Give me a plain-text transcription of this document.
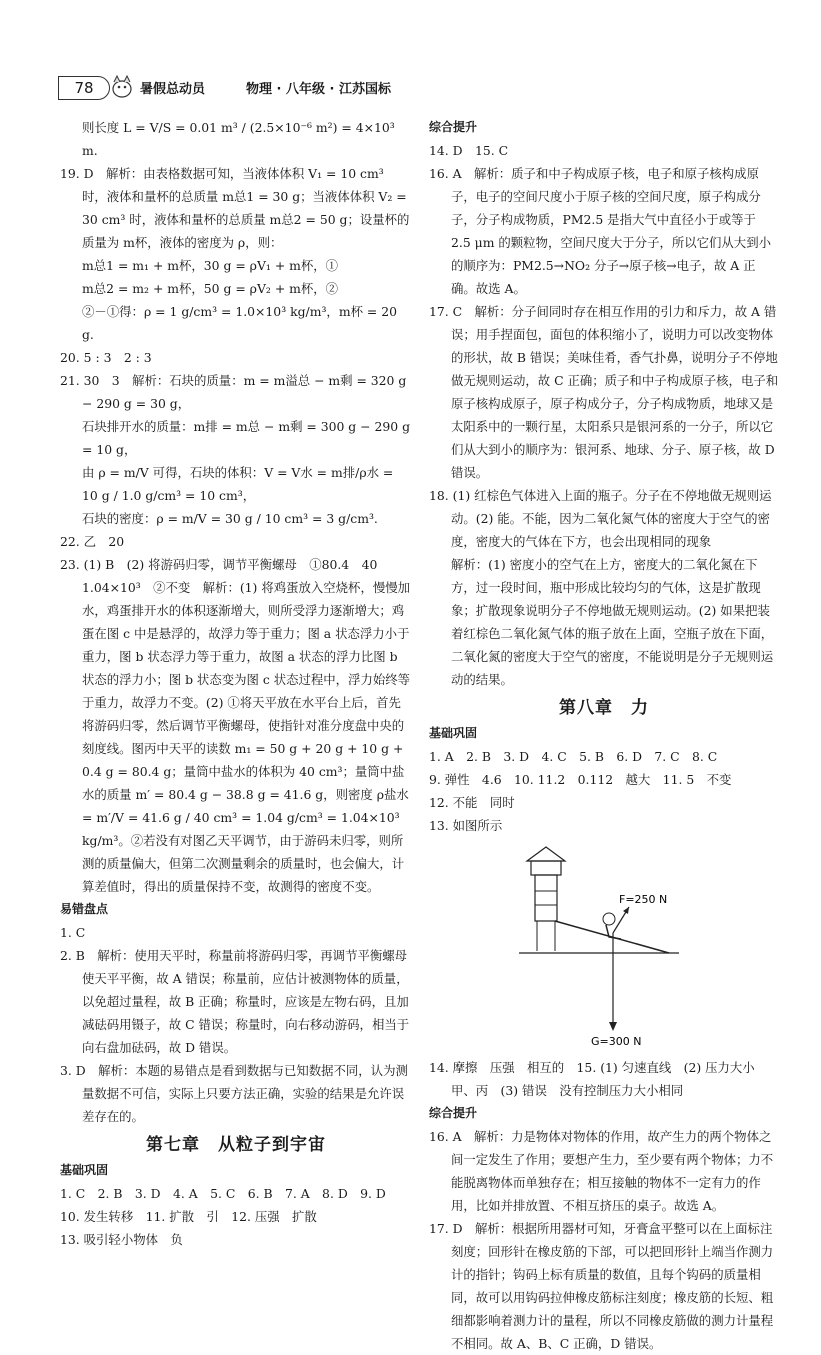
78	暑假总动员	物理 · 八年级 · 江苏国标

则长度 L = V/S = 0.01 m³ / (2.5×10⁻⁶ m²) = 4×10³ m.

19. D　解析：由表格数据可知，当液体体积 V₁ = 10 cm³ 时，液体和量杯的总质量 m总1 = 30 g；当液体体积 V₂ = 30 cm³ 时，液体和量杯的总质量 m总2 = 50 g；设量杯的质量为 m杯，液体的密度为 ρ，则：

m总1 = m₁ + m杯，30 g = ρV₁ + m杯，①

m总2 = m₂ + m杯，50 g = ρV₂ + m杯，②

②－①得：ρ = 1 g/cm³ = 1.0×10³ kg/m³，m杯 = 20 g.

20. 5 : 3　2 : 3

21. 30　3　解析：石块的质量：m = m溢总 − m剩 = 320 g − 290 g = 30 g，

石块排开水的质量：m排 = m总 − m剩 = 300 g − 290 g = 10 g，

由 ρ = m/V 可得，石块的体积：V = V水 = m排/ρ水 = 10 g / 1.0 g/cm³ = 10 cm³，

石块的密度：ρ = m/V = 30 g / 10 cm³ = 3 g/cm³.

22. 乙　20

23. (1) B　(2) 将游码归零，调节平衡螺母　①80.4　40　1.04×10³　②不变　解析：(1) 将鸡蛋放入空烧杯，慢慢加水，鸡蛋排开水的体积逐渐增大，则所受浮力逐渐增大；鸡蛋在图 c 中是悬浮的，故浮力等于重力；图 a 状态浮力小于重力，图 b 状态浮力等于重力，故图 a 状态的浮力比图 b 状态的浮力小；图 b 状态变为图 c 状态过程中，浮力始终等于重力，故浮力不变。(2) ①将天平放在水平台上后，首先将游码归零，然后调节平衡螺母，使指针对准分度盘中央的刻度线。图丙中天平的读数 m₁ = 50 g + 20 g + 10 g + 0.4 g = 80.4 g；量筒中盐水的体积为 40 cm³；量筒中盐水的质量 m′ = 80.4 g − 38.8 g = 41.6 g，则密度 ρ盐水 = m′/V = 41.6 g / 40 cm³ = 1.04 g/cm³ = 1.04×10³ kg/m³。②若没有对图乙天平调节，由于游码未归零，则所测的质量偏大，但第二次测量剩余的质量时，也会偏大，计算差值时，得出的质量保持不变，故测得的密度不变。

易错盘点

1. C

2. B　解析：使用天平时，称量前将游码归零，再调节平衡螺母使天平平衡，故 A 错误；称量前，应估计被测物体的质量，以免超过量程，故 B 正确；称量时，应该是左物右码，且加减砝码用镊子，故 C 错误；称量时，向右移动游码，相当于向右盘加砝码，故 D 错误。

3. D　解析：本题的易错点是看到数据与已知数据不同，认为测量数据不可信，实际上只要方法正确，实验的结果是允许误差存在的。

第七章　从粒子到宇宙

基础巩固

1. C　2. B　3. D　4. A　5. C　6. B　7. A　8. D　9. D

10. 发生转移　11. 扩散　引　12. 压强　扩散

13. 吸引轻小物体　负

综合提升

14. D　15. C

16. A　解析：质子和中子构成原子核，电子和原子核构成原子，电子的空间尺度小于原子核的空间尺度，原子构成分子，分子构成物质，PM2.5 是指大气中直径小于或等于 2.5 μm 的颗粒物，空间尺度大于分子，所以它们从大到小的顺序为：PM2.5→NO₂ 分子→原子核→电子，故 A 正确。故选 A。

17. C　解析：分子间同时存在相互作用的引力和斥力，故 A 错误；用手捏面包，面包的体积缩小了，说明力可以改变物体的形状，故 B 错误；美味佳肴，香气扑鼻，说明分子不停地做无规则运动，故 C 正确；质子和中子构成原子核，电子和原子核构成原子，原子构成分子，分子构成物质，地球又是太阳系中的一颗行星，太阳系只是银河系的一分子，所以它们从大到小的顺序为：银河系、地球、分子、原子核，故 D 错误。

18. (1) 红棕色气体进入上面的瓶子。分子在不停地做无规则运动。(2) 能。不能，因为二氧化氮气体的密度大于空气的密度，密度大的气体在下方，也会出现相同的现象

解析：(1) 密度小的空气在上方，密度大的二氧化氮在下方，过一段时间，瓶中形成比较均匀的气体，这是扩散现象；扩散现象说明分子不停地做无规则运动。(2) 如果把装着红棕色二氧化氮气体的瓶子放在上面，空瓶子放在下面，二氧化氮的密度大于空气的密度，不能说明是分子无规则运动的结果。

第八章　力

基础巩固

1. A　2. B　3. D　4. C　5. B　6. D　7. C　8. C

9. 弹性　4.6　10. 11.2　0.112　越大　11. 5　不变

12. 不能　同时

13. 如图所示

F=250 N
G=300 N

14. 摩擦　压强　相互的　15. (1) 匀速直线　(2) 压力大小　甲、丙　(3) 错误　没有控制压力大小相同

综合提升

16. A　解析：力是物体对物体的作用，故产生力的两个物体之间一定发生了作用；要想产生力，至少要有两个物体；力不能脱离物体而单独存在；相互接触的物体不一定有力的作用，比如并排放置、不相互挤压的桌子。故选 A。

17. D　解析：根据所用器材可知，牙膏盒平整可以在上面标注刻度；回形针在橡皮筋的下部，可以把回形针上端当作测力计的指针；钩码上标有质量的数值，且每个钩码的质量相同，故可以用钩码拉伸橡皮筋标注刻度；橡皮筋的长短、粗细都影响着测力计的量程，所以不同橡皮筋做的测力计量程不相同。故 A、B、C 正确，D 错误。
